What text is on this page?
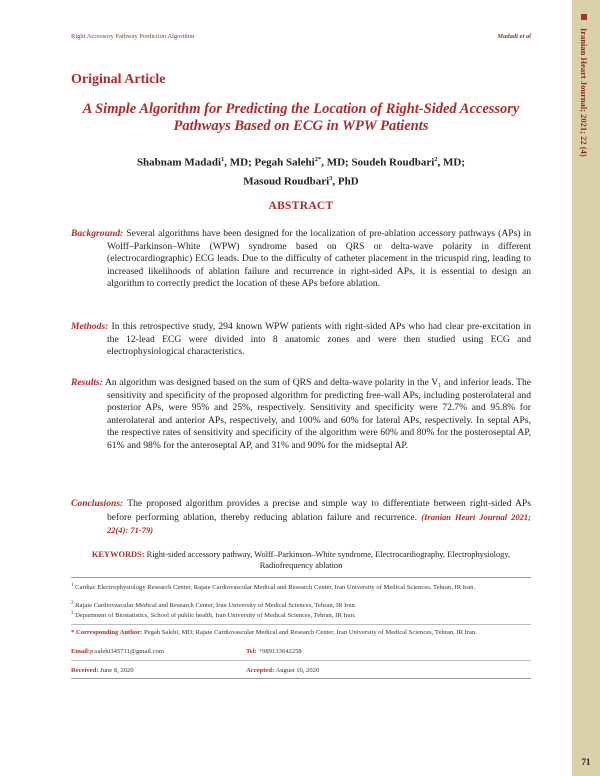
Right Accessory Pathway Prediction Algorithm	Madadi et al	Iranian Heart Journal; 2021; 22 (4)
71
Original Article
A Simple Algorithm for Predicting the Location of Right-Sided Accessory Pathways Based on ECG in WPW Patients
Shabnam Madadi$^1$, MD; Pegah Salehi$^{2*}$, MD; Soudeh Roudbari$^2$, MD;
Masoud Roudbari$^3$, PhD
ABSTRACT
Background: Several algorithms have been designed for the localization of pre-ablation accessory pathways (APs) in Wolff–Parkinson–White (WPW) syndrome based on QRS or delta-wave polarity in different (electrocardiographic) ECG leads. Due to the difficulty of catheter placement in the tricuspid ring, leading to increased likelihoods of ablation failure and recurrence in right-sided APs, it is essential to design an algorithm to correctly predict the location of these APs before ablation.
Methods: In this retrospective study, 294 known WPW patients with right-sided APs who had clear pre-excitation in the 12-lead ECG were divided into 8 anatomic zones and were then studied using ECG and electrophysiological characteristics.
Results: An algorithm was designed based on the sum of QRS and delta-wave polarity in the V₁ and inferior leads. The sensitivity and specificity of the proposed algorithm for predicting free-wall APs, including posterolateral and posterior APs, were 95% and 25%, respectively. Sensitivity and specificity were 72.7% and 95.8% for anterolateral and anterior APs, respectively, and 100% and 60% for lateral APs, respectively. In septal APs, the respective rates of sensitivity and specificity of the algorithm were 60% and 80% for the posteroseptal AP, 61% and 98% for the anteroseptal AP, and 31% and 90% for the midseptal AP.
Conclusions: The proposed algorithm provides a precise and simple way to differentiate between right-sided APs before performing ablation, thereby reducing ablation failure and recurrence. (Iranian Heart Journal 2021; 22(4): 71-79)
KEYWORDS: Right-sided accessory pathway, Wolff–Parkinson–White syndrome, Electrocardiography, Electrophysiology, Radiofrequency ablation
$^1$ Cardiac Electrophysiology Research Center, Rajaie Cardiovascular Medical and Research Center, Iran University of Medical Sciences, Tehran, IR Iran.
$^2$ Rajaie Cardiovascular Medical and Research Center, Iran University of Medical Sciences, Tehran, IR Iran.
$^3$ Department of Biostatistics, School of public health, Iran University of Medical Sciences, Tehran, IR Iran.
* Corresponding Author: Pegah Salehi, MD; Rajaie Cardiovascular Medical and Research Center, Iran University of Medical Sciences, Tehran, IR Iran.
Email:p.salehi345711@gmail.com	Tel: +989133642258
Received: June 8, 2020	Accepted: August 10, 2020
